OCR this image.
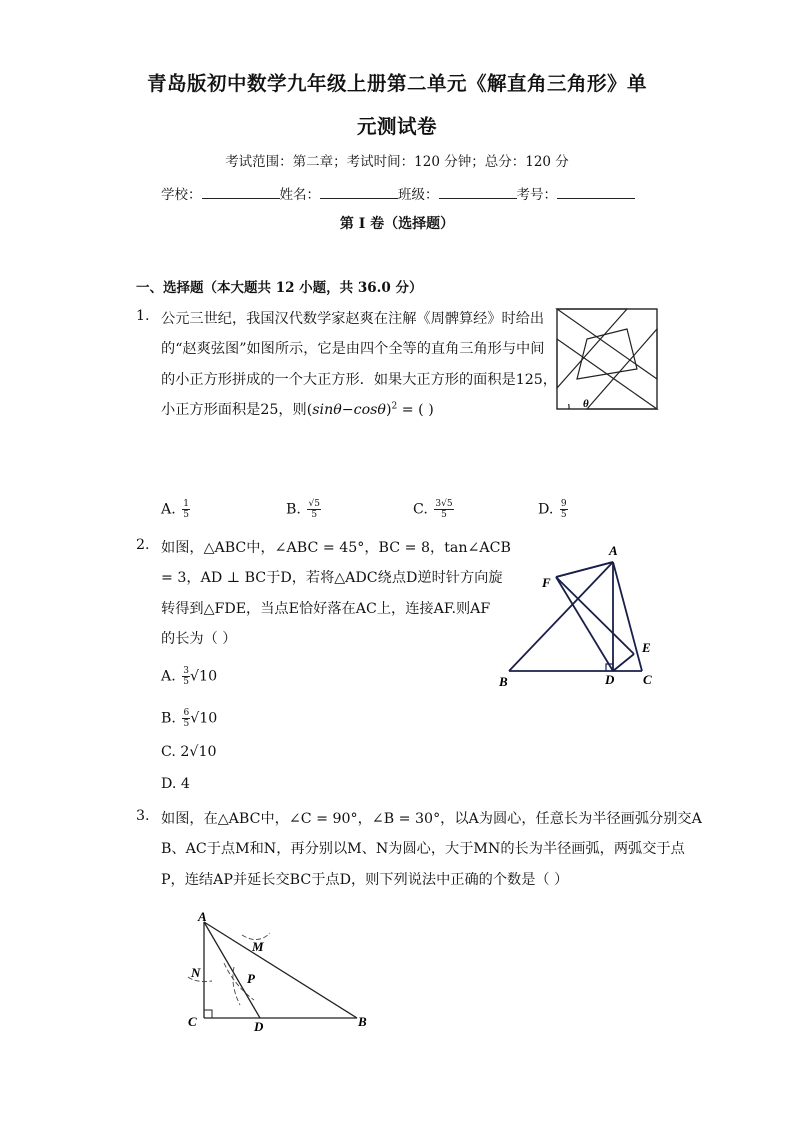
青岛版初中数学九年级上册第二单元《解直角三角形》单
元测试卷
考试范围：第二章；考试时间：120 分钟；总分：120 分
学校：	姓名：	班级：	考号：
第 I 卷（选择题）
一、选择题（本大题共 12 小题，共 36.0 分）
1. 公元三世纪，我国汉代数学家赵爽在注解《周髀算经》时给出
的“赵爽弦图”如图所示，它是由四个全等的直角三角形与中间
的小正方形拼成的一个大正方形．如果大正方形的面积是125，
小正方形面积是25，则$(\sin\theta-\cos\theta)^2$ = ( )	θ
A. $\frac{1}{5}$	B. $\frac{√5}{5}$	C. $\frac{3√5}{5}$	D. $\frac{9}{5}$
2. 如图，△ABC中，∠ABC = 45°，BC = 8，tan∠ACB
= 3，AD ⊥ BC于D，若将△ADC绕点D逆时针方向旋
转得到△FDE，当点E恰好落在AC上，连接AF.则AF
的长为（ ）
A
F
E
B	D C
A. $\frac{3}{5} √10$
B. $\frac{6}{5} √10$
C. 2√10
D. 4
3. 如图，在△ABC中，∠C = 90°，∠B = 30°，以A为圆心，任意长为半径画弧分别交A
B、AC于点M和N，再分别以M、N为圆心，大于MN的长为半径画弧，两弧交于点
P，连结AP并延长交BC于点D，则下列说法中正确的个数是（ ）
A
N
M
P
C	D	B
